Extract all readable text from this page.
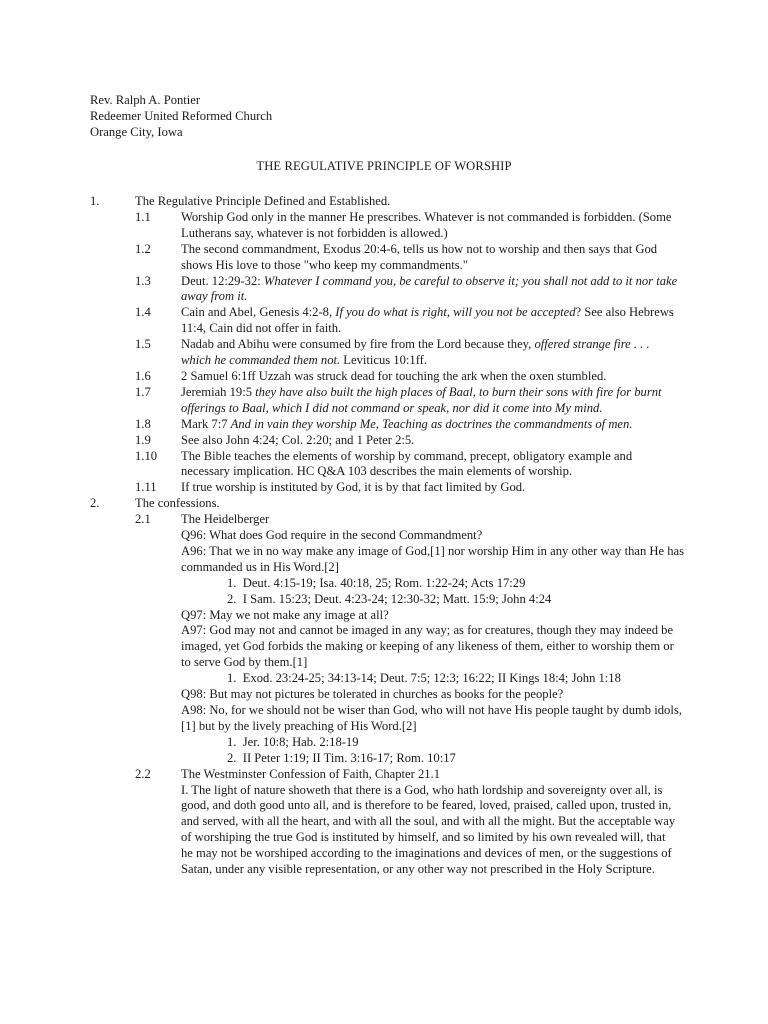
Rev. Ralph A. Pontier
Redeemer United Reformed Church
Orange City, Iowa
THE REGULATIVE PRINCIPLE OF WORSHIP
1.	The Regulative Principle Defined and Established.
1.1 Worship God only in the manner He prescribes. Whatever is not commanded is forbidden. (Some Lutherans say, whatever is not forbidden is allowed.)
1.2 The second commandment, Exodus 20:4-6, tells us how not to worship and then says that God shows His love to those "who keep my commandments."
1.3 Deut. 12:29-32: Whatever I command you, be careful to observe it; you shall not add to it nor take away from it.
1.4 Cain and Abel, Genesis 4:2-8, If you do what is right, will you not be accepted? See also Hebrews 11:4, Cain did not offer in faith.
1.5 Nadab and Abihu were consumed by fire from the Lord because they, offered strange fire . . . which he commanded them not. Leviticus 10:1ff.
1.6 2 Samuel 6:1ff Uzzah was struck dead for touching the ark when the oxen stumbled.
1.7 Jeremiah 19:5 they have also built the high places of Baal, to burn their sons with fire for burnt offerings to Baal, which I did not command or speak, nor did it come into My mind.
1.8 Mark 7:7 And in vain they worship Me, Teaching as doctrines the commandments of men.
1.9 See also John 4:24; Col. 2:20; and 1 Peter 2:5.
1.10 The Bible teaches the elements of worship by command, precept, obligatory example and necessary implication. HC Q&A 103 describes the main elements of worship.
1.11 If true worship is instituted by God, it is by that fact limited by God.
2.	The confessions.
2.1 The Heidelberger
Q96: What does God require in the second Commandment?
A96: That we in no way make any image of God,[1] nor worship Him in any other way than He has commanded us in His Word.[2]
1. Deut. 4:15-19; Isa. 40:18, 25; Rom. 1:22-24; Acts 17:29
2. I Sam. 15:23; Deut. 4:23-24; 12:30-32; Matt. 15:9; John 4:24
Q97: May we not make any image at all?
A97: God may not and cannot be imaged in any way; as for creatures, though they may indeed be imaged, yet God forbids the making or keeping of any likeness of them, either to worship them or to serve God by them.[1]
1. Exod. 23:24-25; 34:13-14; Deut. 7:5; 12:3; 16:22; II Kings 18:4; John 1:18
Q98: But may not pictures be tolerated in churches as books for the people?
A98: No, for we should not be wiser than God, who will not have His people taught by dumb idols,[1] but by the lively preaching of His Word.[2]
1. Jer. 10:8; Hab. 2:18-19
2. II Peter 1:19; II Tim. 3:16-17; Rom. 10:17
2.2 The Westminster Confession of Faith, Chapter 21.1
I. The light of nature showeth that there is a God, who hath lordship and sovereignty over all, is good, and doth good unto all, and is therefore to be feared, loved, praised, called upon, trusted in, and served, with all the heart, and with all the soul, and with all the might. But the acceptable way of worshiping the true God is instituted by himself, and so limited by his own revealed will, that he may not be worshiped according to the imaginations and devices of men, or the suggestions of Satan, under any visible representation, or any other way not prescribed in the Holy Scripture.
